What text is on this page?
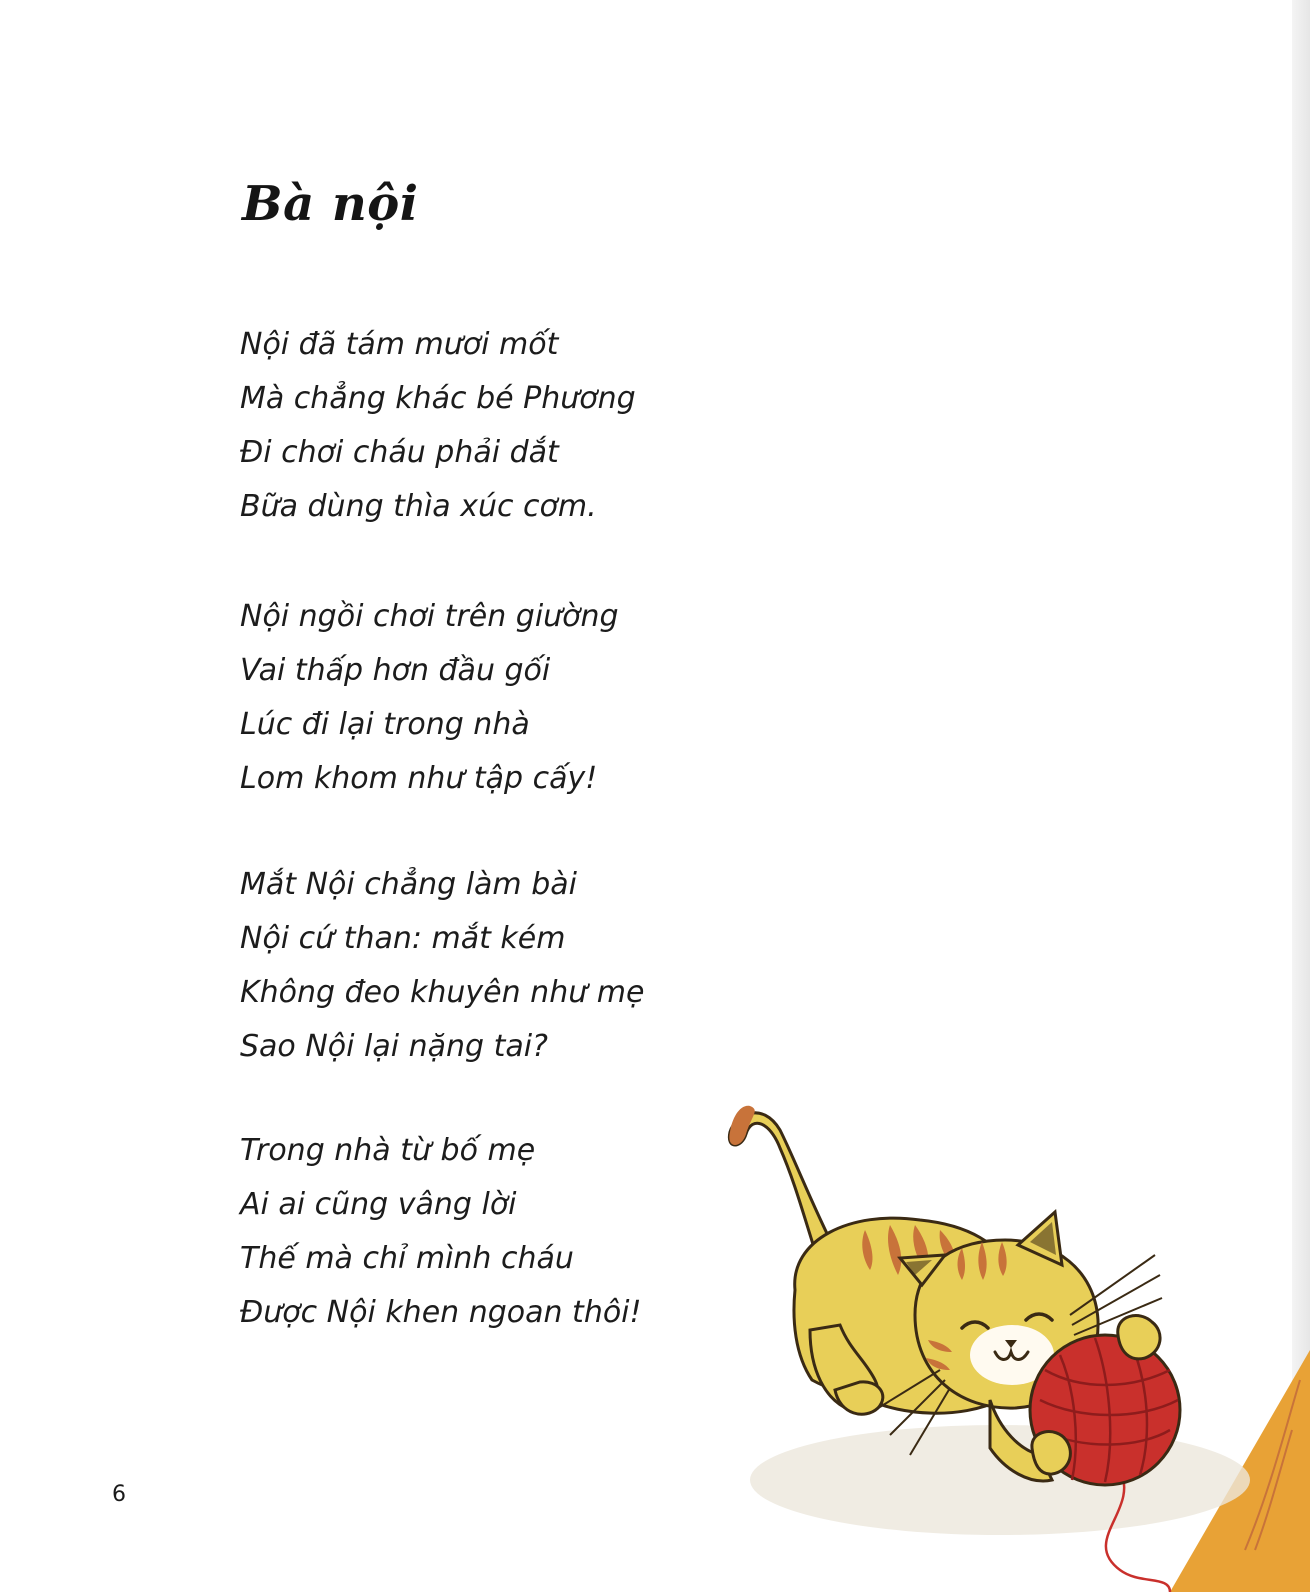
Bà nội
Nội đã tám mươi mốt
Mà chẳng khác bé Phương
Đi chơi cháu phải dắt
Bữa dùng thìa xúc cơm.
Nội ngồi chơi trên giường
Vai thấp hơn đầu gối
Lúc đi lại trong nhà
Lom khom như tập cấy!
Mắt Nội chẳng làm bài
Nội cứ than: mắt kém
Không đeo khuyên như mẹ
Sao Nội lại nặng tai?
Trong nhà từ bố mẹ
Ai ai cũng vâng lời
Thế mà chỉ mình cháu
Được Nội khen ngoan thôi!
6
